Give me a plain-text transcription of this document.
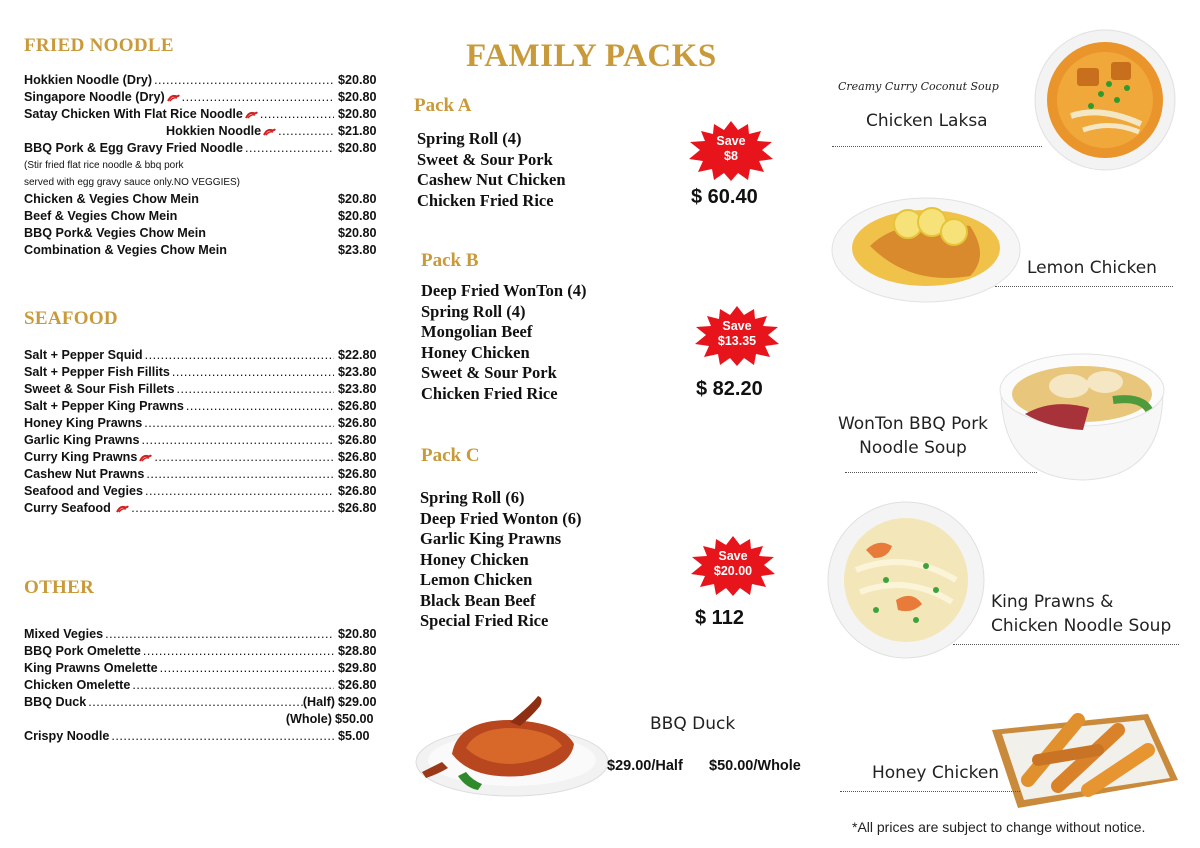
FRIED NOODLE
Hokkien Noodle (Dry) .....	$20.80
Singapore Noodle (Dry) .....	$20.80
Satay Chicken With Flat Rice Noodle .....	$20.80
Hokkien Noodle .....	$21.80
BBQ Pork & Egg Gravy Fried Noodle .....	$20.80
(Stir fried flat rice noodle & bbq pork
served with egg gravy sauce only.NO VEGGIES)
Chicken & Vegies Chow Mein	$20.80
Beef & Vegies Chow Mein	$20.80
BBQ Pork& Vegies Chow Mein	$20.80
Combination & Vegies Chow Mein	$23.80
SEAFOOD
Salt + Pepper Squid .....	$22.80
Salt + Pepper Fish Fillits .....	$23.80
Sweet & Sour Fish Fillets .....	$23.80
Salt + Pepper King Prawns .....	$26.80
Honey King Prawns .....	$26.80
Garlic King Prawns .....	$26.80
Curry King Prawns .....	$26.80
Cashew Nut Prawns .....	$26.80
Seafood and Vegies .....	$26.80
Curry Seafood .....	$26.80
OTHER
Mixed Vegies .....	$20.80
BBQ Pork Omelette .....	$28.80
King Prawns Omelette .....	$29.80
Chicken Omelette .....	$26.80
BBQ Duck .....	(Half) $29.00
(Whole) $50.00
Crispy Noodle .....	$5.00
FAMILY PACKS
Pack A
Spring Roll (4)
Sweet & Sour Pork
Cashew Nut Chicken
Chicken Fried Rice
Save
$8
$ 60.40
Pack B
Deep Fried WonTon (4)
Spring Roll (4)
Mongolian Beef
Honey Chicken
Sweet & Sour Pork
Chicken Fried Rice
Save
$13.35
$ 82.20
Pack C
Spring Roll (6)
Deep Fried Wonton (6)
Garlic King Prawns
Honey Chicken
Lemon Chicken
Black Bean Beef
Special Fried Rice
Save
$20.00
$ 112
BBQ Duck
$29.00/Half $50.00/Whole
Creamy Curry Coconut Soup
Chicken Laksa
Lemon Chicken
WonTon BBQ Pork
Noodle Soup
King Prawns &
Chicken Noodle Soup
Honey Chicken
*All prices are subject to change without notice.
